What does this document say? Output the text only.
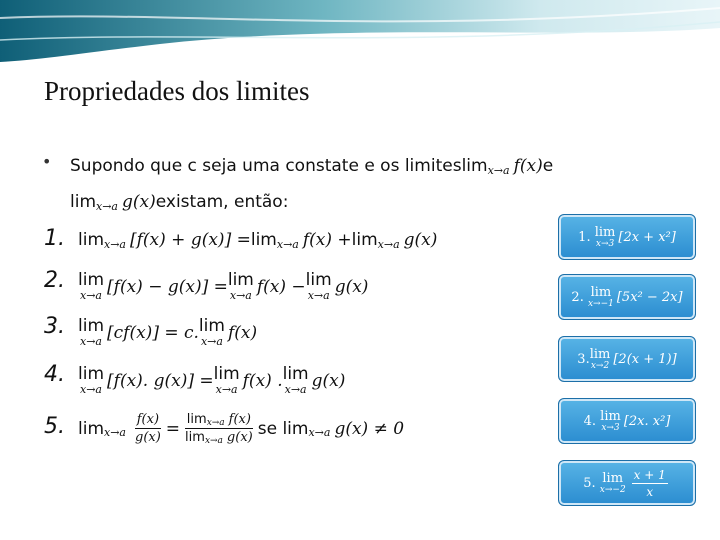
Propriedades dos limites
• Supondo que c seja uma constate e os limites lim x→a f(x) e
lim x→a g(x) existam, então:
1. lim x→a [f(x) + g(x)] = lim x→a f(x) + lim x→a g(x)
2. lim
x→a [f(x) − g(x)] = lim
x→a f(x) − lim
x→a g(x)
3. lim
x→a [cf(x)] = c. lim
x→a f(x)
4. lim
x→a [f(x). g(x)] = lim
x→a f(x) . lim
x→a g(x)
5. $\lim x\to a \frac{f(x)}{g(x)} = \frac{\text{limx→a f(x)}}{\text{limx→a g(x)}}$ se lim x→a g(x) ≠ 0
1.
lim
x→3 [2x + x²]
2.
lim
x→−1 [5x² − 2x]
3. lim
x→2 [2(x + 1)]
4.
lim
x→3 [2x. x²]
5.
lim
$x\to-2 \frac{x + 1}{x}$
